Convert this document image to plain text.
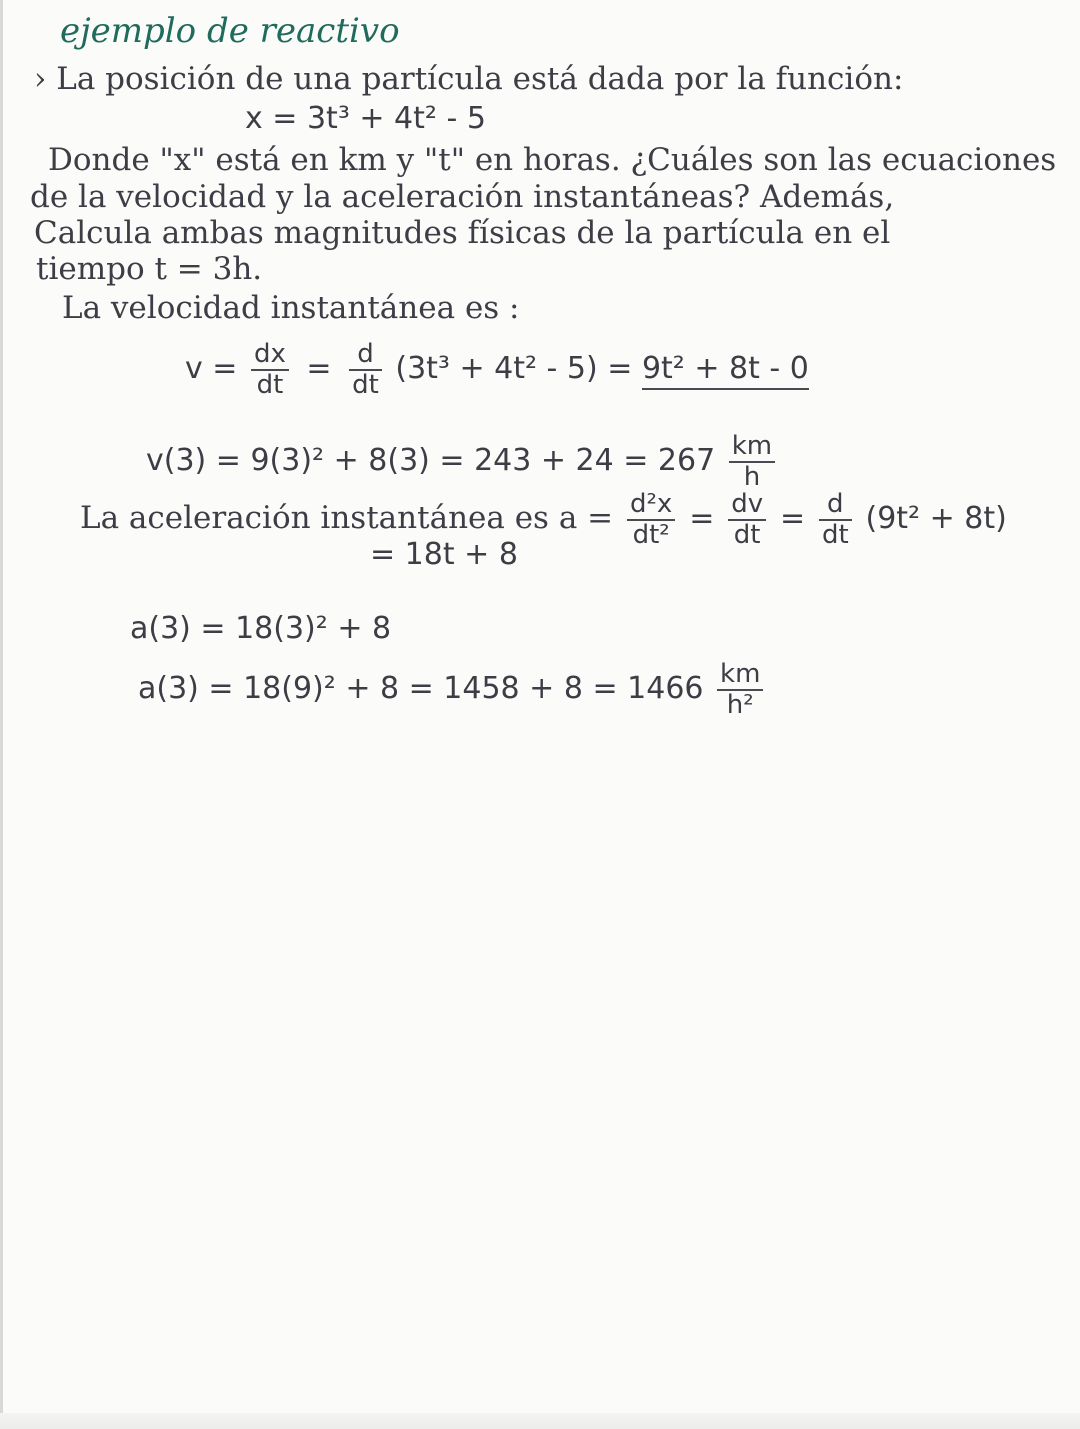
ejemplo de reactivo
› La posición de una partícula está dada por la función:
x = 3t³ + 4t² - 5
Donde "x" está en km y "t" en horas. ¿Cuáles son las ecuaciones
de la velocidad y la aceleración instantáneas? Además,
Calcula ambas magnitudes físicas de la partícula en el
tiempo t = 3h.
La velocidad instantánea es :
$v = \frac{dx}{dt} = \frac{d}{dt} (3t^3 + 4t^2 - 5) = 9t^2 + 8t - 0$
$v(3) = 9(3)^2 + 8(3) = 243 + 24 = 267 \frac{km}{h}$
La aceleración instantánea es $a = \frac{\text{d²x}}{\text{dt²}} = \frac{dv}{dt} = \frac{d}{dt} (9t^2 + 8t)$
= 18t + 8
a(3) = 18(3)² + 8
$a(3) = 18(9)^2 + 8 = 1458 + 8 = 1466 \frac{km}{\text{h²}}$
